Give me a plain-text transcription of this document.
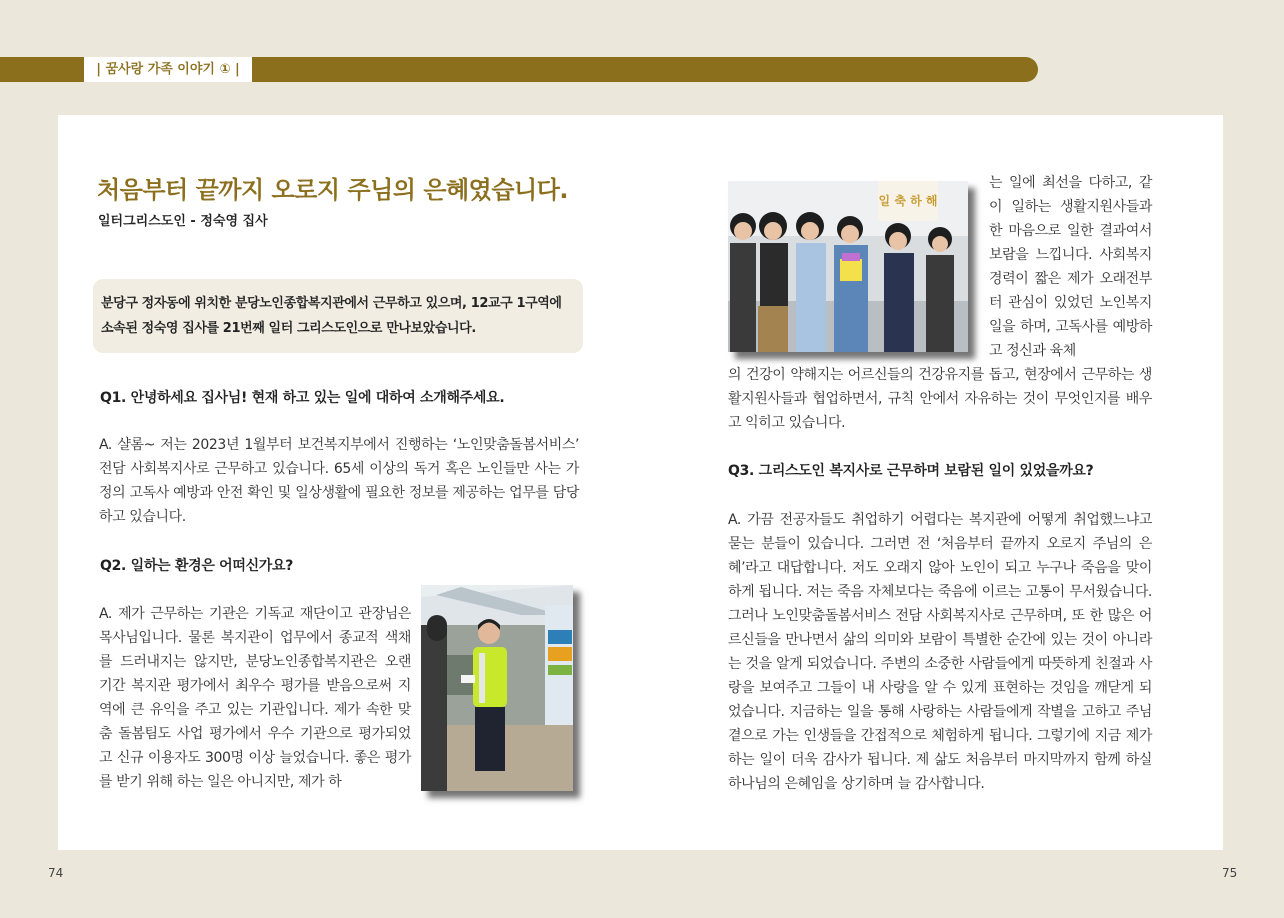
| 꿈사랑 가족 이야기 ① |
처음부터 끝까지 오로지 주님의 은혜였습니다.
일터그리스도인 - 정숙영 집사
분당구 정자동에 위치한 분당노인종합복지관에서 근무하고 있으며, 12교구 1구역에 소속된 정숙영 집사를 21번째 일터 그리스도인으로 만나보았습니다.

Q1. 안녕하세요 집사님! 현재 하고 있는 일에 대하여 소개해주세요.

A. 샬롬~ 저는 2023년 1월부터 보건복지부에서 진행하는 ‘노인맞춤돌봄서비스’ 전담 사회복지사로 근무하고 있습니다. 65세 이상의 독거 혹은 노인들만 사는 가정의 고독사 예방과 안전 확인 및 일상생활에 필요한 정보를 제공하는 업무를 담당하고 있습니다.

Q2. 일하는 환경은 어떠신가요?

A. 제가 근무하는 기관은 기독교 재단이고 관장님은 목사님입니다. 물론 복지관이 업무에서 종교적 색채를 드러내지는 않지만, 분당노인종합복지관은 오랜 기간 복지관 평가에서 최우수 평가를 받음으로써 지역에 큰 유익을 주고 있는 기관입니다. 제가 속한 맞춤 돌봄팀도 사업 평가에서 우수 기관으로 평가되었고 신규 이용자도 300명 이상 늘었습니다. 좋은 평가를 받기 위해 하는 일은 아니지만, 제가 하

일 축 하 해

는 일에 최선을 다하고, 같이 일하는 생활지원사들과 한 마음으로 일한 결과여서 보람을 느낍니다. 사회복지 경력이 짧은 제가 오래전부터 관심이 있었던 노인복지 일을 하며, 고독사를 예방하고 정신과 육체

의 건강이 약해지는 어르신들의 건강유지를 돕고, 현장에서 근무하는 생활지원사들과 협업하면서, 규칙 안에서 자유하는 것이 무엇인지를 배우고 익히고 있습니다.

Q3. 그리스도인 복지사로 근무하며 보람된 일이 있었을까요?

A. 가끔 전공자들도 취업하기 어렵다는 복지관에 어떻게 취업했느냐고 묻는 분들이 있습니다. 그러면 전 ‘처음부터 끝까지 오로지 주님의 은혜’라고 대답합니다. 저도 오래지 않아 노인이 되고 누구나 죽음을 맞이하게 됩니다. 저는 죽음 자체보다는 죽음에 이르는 고통이 무서웠습니다. 그러나 노인맞춤돌봄서비스 전담 사회복지사로 근무하며, 또 한 많은 어르신들을 만나면서 삶의 의미와 보람이 특별한 순간에 있는 것이 아니라는 것을 알게 되었습니다. 주변의 소중한 사람들에게 따뜻하게 친절과 사랑을 보여주고 그들이 내 사랑을 알 수 있게 표현하는 것임을 깨닫게 되었습니다. 지금하는 일을 통해 사랑하는 사람들에게 작별을 고하고 주님 곁으로 가는 인생들을 간접적으로 체험하게 됩니다. 그렇기에 지금 제가 하는 일이 더욱 감사가 됩니다. 제 삶도 처음부터 마지막까지 함께 하실 하나님의 은혜임을 상기하며 늘 감사합니다.

74	75
